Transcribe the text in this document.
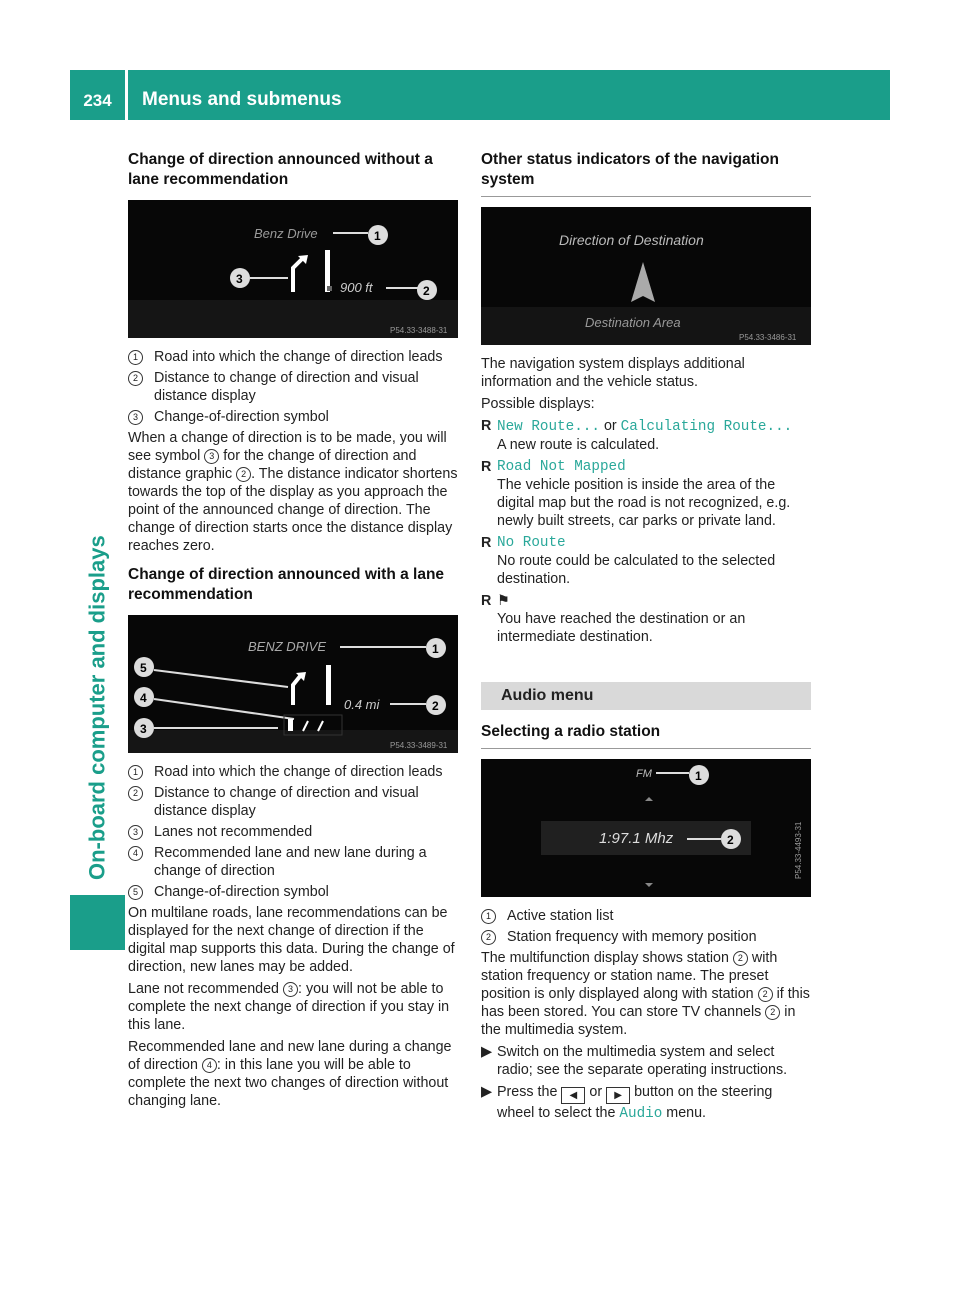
234	Menus and submenus
On-board computer and displays
Change of direction announced without a lane recommendation
Benz Drive	1
900 ft	2
3
P54.33-3488-31
1	Road into which the change of direction leads
2	Distance to change of direction and visual distance display
3	Change-of-direction symbol

When a change of direction is to be made, you will see symbol 3 for the change of direction and distance graphic 2 . The distance indicator shortens towards the top of the display as you approach the point of the announced change of direction. The change of direction starts once the distance display reaches zero.

Change of direction announced with a lane recommendation
BENZ DRIVE	1
5
0.4 mi	2
4
3
P54.33-3489-31
1	Road into which the change of direction leads
2	Distance to change of direction and visual distance display
3	Lanes not recommended
4	Recommended lane and new lane during a change of direction
5	Change-of-direction symbol

On multilane roads, lane recommendations can be displayed for the next change of direction if the digital map supports this data. During the change of direction, new lanes may be added.

Lane not recommended 3 : you will not be able to complete the next change of direction if you stay in this lane.

Recommended lane and new lane during a change of direction 4 : in this lane you will be able to complete the next two changes of direction without changing lane.

Other status indicators of the navigation system
Direction of Destination
Destination Area
P54.33-3486-31

The navigation system displays additional information and the vehicle status.

Possible displays:

R New Route... or Calculating Route...
A new route is calculated.
R Road Not Mapped
The vehicle position is inside the area of the digital map but the road is not recognized, e.g. newly built streets, car parks or private land.
R No Route
No route could be calculated to the selected destination.
R ⚑
You have reached the destination or an intermediate destination.
Audio menu
Selecting a radio station
FM	1
1:97.1 Mhz	2	P54.33-4493-31
1	Active station list
2	Station frequency with memory position

The multifunction display shows station 2 with station frequency or station name. The preset position is only displayed along with station 2 if this has been stored. You can store TV channels 2 in the multimedia system.

▶ Switch on the multimedia system and select radio; see the separate operating instructions.
▶ Press the ◀ or ▶ button on the steering wheel to select the Audio menu.
